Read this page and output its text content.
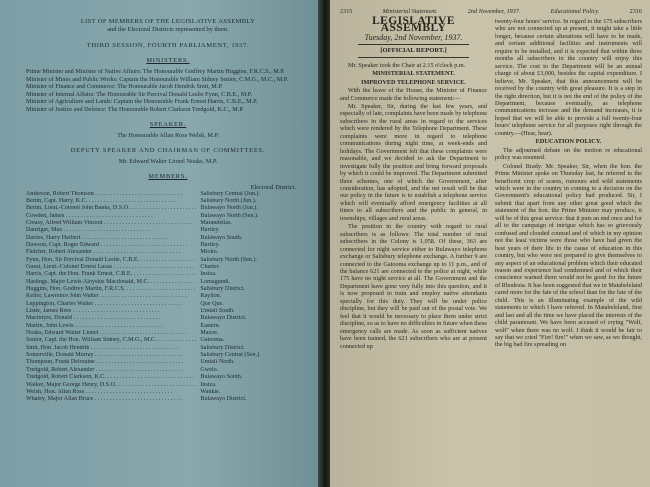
LIST OF MEMBERS OF THE LEGISLATIVE ASSEMBLY

and the Electoral Districts represented by them.

THIRD SESSION, FOURTH PARLIAMENT, 1937.

MINISTERS.

Prime Minister and Minister of Native Affairs: The Honourable Godfrey Martin Huggins, F.R.C.S., M.P.

Minister of Mines and Public Works: Captain the Honourable William Sidney Senior, C.M.G., M.C., M.P.

Minister of Finance and Commerce: The Honourable Jacob Hendrik Smit, M.P.

Minister of Internal Affairs: The Honourable Sir Percival Donald Leslie Fynn, C.B.E., M.P.

Minister of Agriculture and Lands: Captain the Honourable Frank Ernest Harris, C.B.E., M.P.

Minister of Justice and Defence: The Honourable Robert Clarkson Tredgold, K.C., M.P.

SPEAKER.

The Honourable Allan Ross Welsh, M.P.

DEPUTY SPEAKER AND CHAIRMAN OF COMMITTEES.

Mr. Edward Walter Lionel Noaks, M.P.

MEMBERS.

Electoral District.
Anderson, Robert Thomson . .	Salisbury Central (Jun.).
Bertin, Capt. Harry, K.C. . .	Salisbury North (Jun.).
Bertin, Lieut.-Colonel John Banks, D.S.O. . .	Bulawayo North (Jun.).
Cowden, James . .	Bulawayo North (Sen.).
Creasy, Alfred William Vincent . .	Marandellas.
Danziger, Max . .	Hartley.
Davies, Harry Herbert . .	Bulawayo South.
Dawson, Capt. Roger Edward . .	Hartley.
Fletcher, Robert Alexander . .	Mtoko.
Fynn, Hon. Sir Percival Donald Leslie, C.B.E. . .	Salisbury North (Sen.).
Guest, Lieut.-Colonel Ernest Lucas . .	Charter.
Harris, Capt. the Hon. Frank Ernest, C.B.E. . .	Insiza.
Hastings, Major Lewis Aloysius Macdonald, M.C. . .	Lomagundi.
Huggins, Hon. Godfrey Martin, F.R.C.S. . .	Salisbury District.
Keller, Lawrence John Walter . .	Raylton.
Leppington, Charles Walter . .	Que Que.
Lister, James Rees . .	Umtali South.
Macintyre, Donald . .	Bulawayo District.
Martin, John Lewis . .	Eastern.
Noaks, Edward Walter Lionel . .	Mazoe.
Senior, Capt. the Hon. William Sidney, C.M.G., M.C. . .	Gatooma.
Smit, Hon. Jacob Hendrik . .	Salisbury District.
Somerville, Donald Murray . .	Salisbury Central (Sen.).
Thompson, Frank Deloraine . .	Umtali North.
Tredgold, Robert Alexander . .	Gwelo.
Tredgold, Robert Clarkson, K.C. . .	Bulawayo South.
Walker, Major George Henry, D.S.O. . .	Insiza.
Welsh, Hon. Allan Ross . .	Wankie.
Whaley, Major Allan Bruce . .	Bulawayo District.
2315	Ministerial Statement.	2nd November, 1937.	Educational Policy.	2316

LEGISLATIVE ASSEMBLY

Tuesday, 2nd November, 1937.

[OFFICIAL REPORT.]

Mr. Speaker took the Chair at 2.15 o'clock p.m.

MINISTERIAL STATEMENT.

IMPROVED TELEPHONE SERVICE.

With the leave of the House, the Minister of Finance and Commerce made the following statement:—

Mr. Speaker, Sir, during the last few years, and especially of late, complaints have been made by telephone subscribers in the rural areas in regard to the services which were rendered by the Telephone Department. These complaints were more in regard to telephone communications during night time, at week-ends and holidays. The Government felt that these complaints were reasonable, and we decided to ask the Department to investigate fully the position and bring forward proposals by which it could be improved. The Department submitted three schemes, one of which the Government, after consideration, has adopted, and the net result will be that our policy in the future is to establish a telephone service which will eventually afford emergency facilities at all times to all subscribers and the public in general, in townships, villages and rural areas.

The position in the country with regard to rural subscribers is as follows: The total number of rural subscribers in the Colony is 1,058. Of these, 363 are connected for night service either to Bulawayo telephone exchange or Salisbury telephone exchange. A further 9 are connected to the Gatooma exchange up to 11 p.m., and of the balance 621 are connected to the police at night, while 175 have no night service at all. The Government and the Department have gone very fully into this question, and it is now proposed to train and employ native attendants specially for this duty. They will be under police discipline, but they will be paid out of the postal vote. We feel that it would be necessary to place them under strict discipline, so as to have no difficulties in future when these emergency calls are made. As soon as sufficient natives have been trained, the 621 subscribers who are at present connected up

twenty-four hours' service. In regard to the 175 subscribers who are not connected up at present, it might take a little longer, because certain alterations will have to be made, and certain additional facilities and instruments will require to be installed, and it is expected that within three months all subscribers in the country will enjoy this service. The cost to the Department will be an annual charge of about £3,000, besides the capital expenditure. I believe, Mr. Speaker, that this announcement will be received by the country with great pleasure. It is a step in the right direction, but it is not the end of the policy of the Department, because eventually, as telephone communications increase and the demand increases, it is hoped that we will be able to provide a full twenty-four hours' telephone service for all purposes right through the country.—(Hear, hear).

EDUCATION POLICY.

The adjourned debate on the motion re educational policy was resumed.

Colonel Brady: Mr. Speaker, Sir, when the hon. the Prime Minister spoke on Thursday last, he referred to the beneficent crop of scares, rumours and wild statements which were in the country in coming to a decision on the Government's educational policy had produced. Sir, I submit that apart from any other great good which the statement of the hon. the Prime Minister may produce, it will be of this great service: that it puts an end once and for all to the campaign of intrigue which has so grievously confused and clouded counsel and of which in my opinion not the least victims were those who have had given the best years of their life to the cause of education in this country, but who were not prepared to give themselves to any aspect of an educational problem which their educated reason and experience had condemned and of which their conscience warned them would not be good for the future of Rhodesia. It has been suggested that we in Matabeleland cared more for the fate of the school than for the fate of the child. This is an illuminating example of the wild statements to which I have referred. In Matabeleland, first and last and all the time we have placed the interests of the child paramount. We have been accused of crying "Wolf, wolf" when there was no wolf. I think it would be fair to say that we cried "Fire! fire!" when we saw, as we thought, the big bad fire spreading on
